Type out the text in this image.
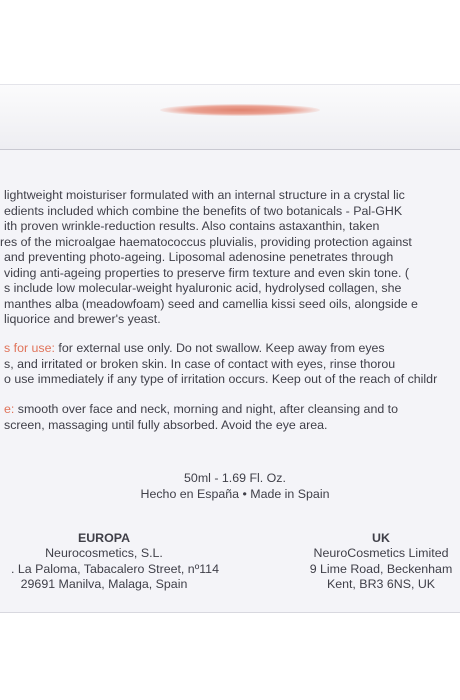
lightweight moisturiser formulated with an internal structure in a crystal lic
edients included which combine the benefits of two botanicals - Pal-GHK
ith proven wrinkle-reduction results. Also contains astaxanthin, taken
res of the microalgae haematococcus pluvialis, providing protection against
and preventing photo-ageing. Liposomal adenosine penetrates through
viding anti-ageing properties to preserve firm texture and even skin tone. (
s include low molecular-weight hyaluronic acid, hydrolysed collagen, she
manthes alba (meadowfoam) seed and camellia kissi seed oils, alongside e
liquorice and brewer's yeast.
s for use: for external use only. Do not swallow. Keep away from eyes
s, and irritated or broken skin. In case of contact with eyes, rinse thorou
o use immediately if any type of irritation occurs. Keep out of the reach of childr
e: smooth over face and neck, morning and night, after cleansing and to
screen, massaging until fully absorbed. Avoid the eye area.
50ml - 1.69 Fl. Oz.
Hecho en España • Made in Spain
EUROPA
Neurocosmetics, S.L.
. La Paloma, Tabacalero Street, nº114
29691 Manilva, Malaga, Spain
UK
NeuroCosmetics Limited
9 Lime Road, Beckenham
Kent, BR3 6NS, UK
